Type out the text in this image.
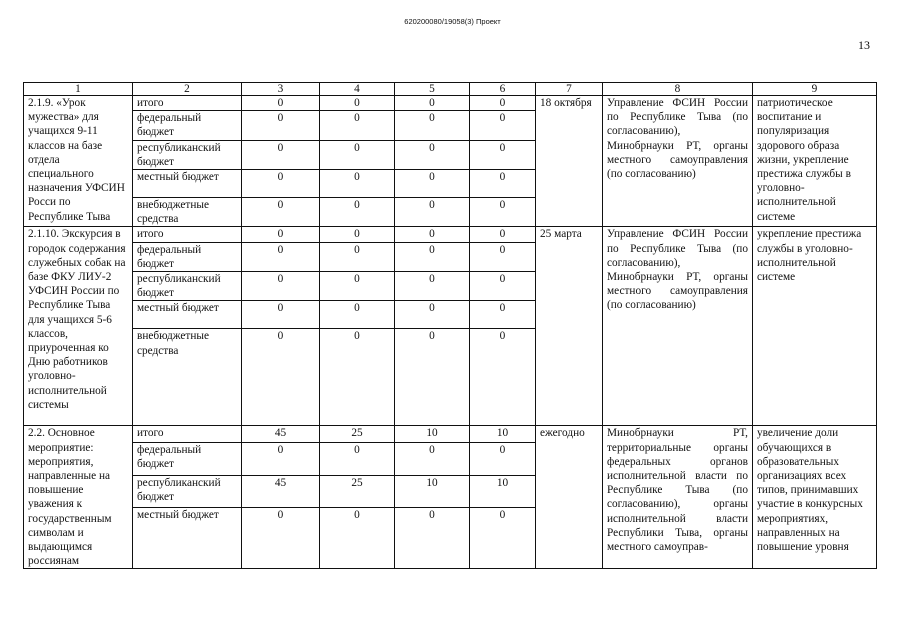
620200080/19058(3) Проект
13
1	2	3	4	5	6	7	8	9
2.1.9. «Урок мужества» для учащихся 9-11 классов на базе отдела специального назначения УФСИН Росси по Республике Тыва	итого	0	0	0	0	18 октября	Управление ФСИН России по Республике Тыва (по согласованию), Минобрнауки РТ, органы местного самоуправления (по согласованию)	патриотическое воспитание и популяризация здорового образа жизни, укрепление престижа службы в уголовно-исполнительной системе
	федеральный бюджет	0	0	0	0			
	республиканский бюджет	0	0	0	0			
	местный бюджет	0	0	0	0			
	внебюджетные средства	0	0	0	0			
2.1.10. Экскурсия в городок содержания служебных собак на базе ФКУ ЛИУ-2 УФСИН России по Республике Тыва для учащихся 5-6 классов, приуроченная ко Дню работников уголовно-исполнительной системы	итого	0	0	0	0	25 марта	Управление ФСИН России по Республике Тыва (по согласованию), Минобрнауки РТ, органы местного самоуправления (по согласованию)	укрепление престижа службы в уголовно-исполнительной системе
	федеральный бюджет	0	0	0	0			
	республиканский бюджет	0	0	0	0			
	местный бюджет	0	0	0	0			
	внебюджетные средства	0	0	0	0			
2.2. Основное мероприятие: мероприятия, направленные на повышение уважения к государственным символам и выдающимся россиянам	итого	45	25	10	10	ежегодно	Минобрнауки РТ, территориальные органы федеральных органов исполнительной власти по Республике Тыва (по согласованию), органы исполнительной власти Республики Тыва, органы местного самоуправ-	увеличение доли обучающихся в образовательных организациях всех типов, принимавших участие в конкурсных мероприятиях, направленных на повышение уровня
	федеральный бюджет	0	0	0	0			
	республиканский бюджет	45	25	10	10			
	местный бюджет	0	0	0	0			
